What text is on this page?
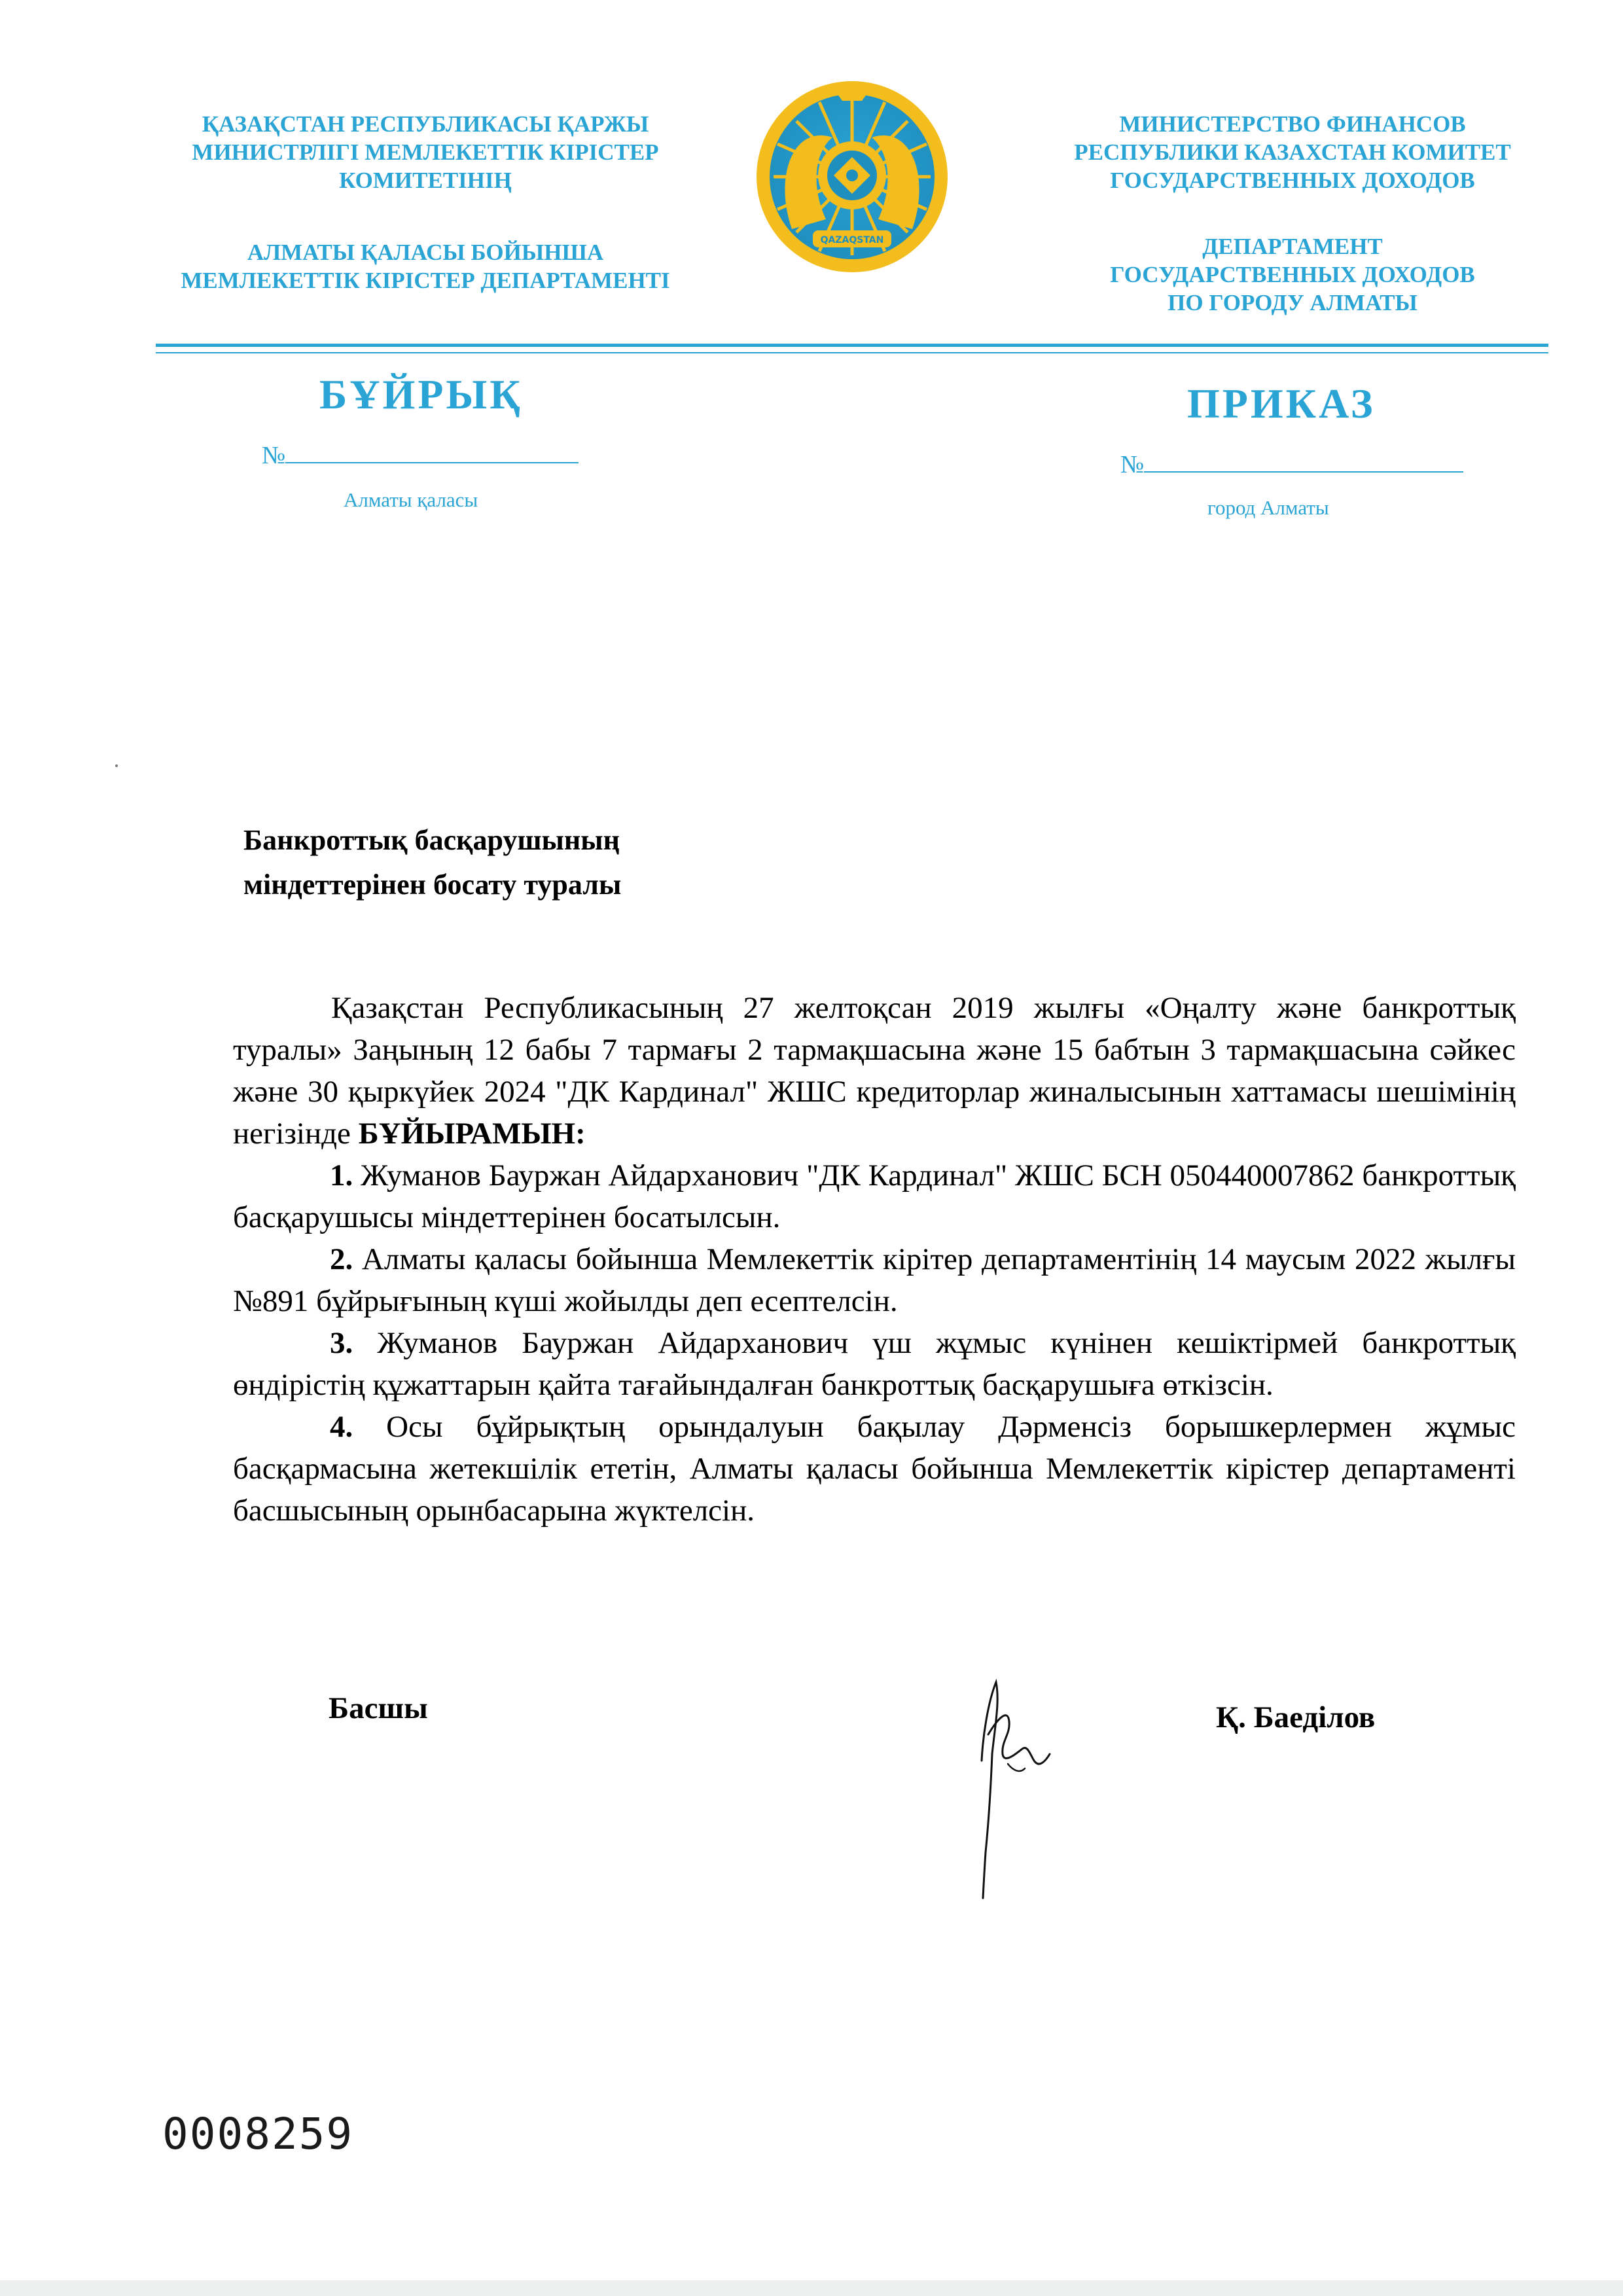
ҚАЗАҚСТАН РЕСПУБЛИКАСЫ ҚАРЖЫ
МИНИСТРЛІГІ МЕМЛЕКЕТТІК КІРІСТЕР
КОМИТЕТІНІҢ
АЛМАТЫ ҚАЛАСЫ БОЙЫНША
МЕМЛЕКЕТТІК КІРІСТЕР ДЕПАРТАМЕНТІ
QAZAQSTAN
МИНИСТЕРСТВО ФИНАНСОВ
РЕСПУБЛИКИ КАЗАХСТАН КОМИТЕТ
ГОСУДАРСТВЕННЫХ ДОХОДОВ
ДЕПАРТАМЕНТ
ГОСУДАРСТВЕННЫХ ДОХОДОВ
ПО ГОРОДУ АЛМАТЫ
БҰЙРЫҚ	ПРИКАЗ
№	№
Алматы қаласы	город Алматы
Банкроттық басқарушының
міндеттерінен босату туралы

Қазақстан Республикасының 27 желтоқсан 2019 жылғы «Оңалту және банкроттық туралы» Заңының 12 бабы 7 тармағы 2 тармақшасына және 15 бабтын 3 тармақшасына сәйкес және 30 қыркүйек 2024 "ДК Кардинал" ЖШС кредиторлар жиналысынын хаттамасы шешімінің негізінде БҰЙЫРАМЫН:

1. Жуманов Бауржан Айдарханович "ДК Кардинал" ЖШС БСН 050440007862 банкроттық басқарушысы міндеттерінен босатылсын.

2. Алматы қаласы бойынша Мемлекеттік кірітер департаментінің 14 маусым 2022 жылғы №891 бұйрығының күші жойылды деп есептелсін.

3. Жуманов Бауржан Айдарханович үш жұмыс күнінен кешіктірмей банкроттық өндірістің құжаттарын қайта тағайындалған банкроттық басқарушыға өткізсін.

4. Осы бұйрықтың орындалуын бақылау Дәрменсіз борышкерлермен жұмыс басқармасына жетекшілік ететін, Алматы қаласы бойынша Мемлекеттік кірістер департаменті басшысының орынбасарына жүктелсін.

Басшы	Қ. Баеділов
0008259
